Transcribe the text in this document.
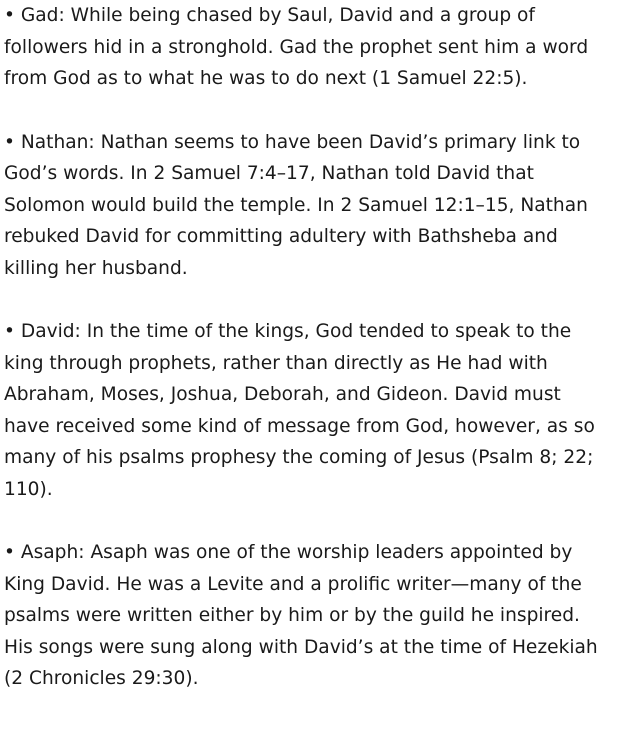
• Gad: While being chased by Saul, David and a group of
followers hid in a stronghold. Gad the prophet sent him a word
from God as to what he was to do next (1 Samuel 22:5).
• Nathan: Nathan seems to have been David’s primary link to
God’s words. In 2 Samuel 7:4–17, Nathan told David that
Solomon would build the temple. In 2 Samuel 12:1–15, Nathan
rebuked David for committing adultery with Bathsheba and
killing her husband.
• David: In the time of the kings, God tended to speak to the
king through prophets, rather than directly as He had with
Abraham, Moses, Joshua, Deborah, and Gideon. David must
have received some kind of message from God, however, as so
many of his psalms prophesy the coming of Jesus (Psalm 8; 22;
110).
• Asaph: Asaph was one of the worship leaders appointed by
King David. He was a Levite and a prolific writer—many of the
psalms were written either by him or by the guild he inspired.
His songs were sung along with David’s at the time of Hezekiah
(2 Chronicles 29:30).
